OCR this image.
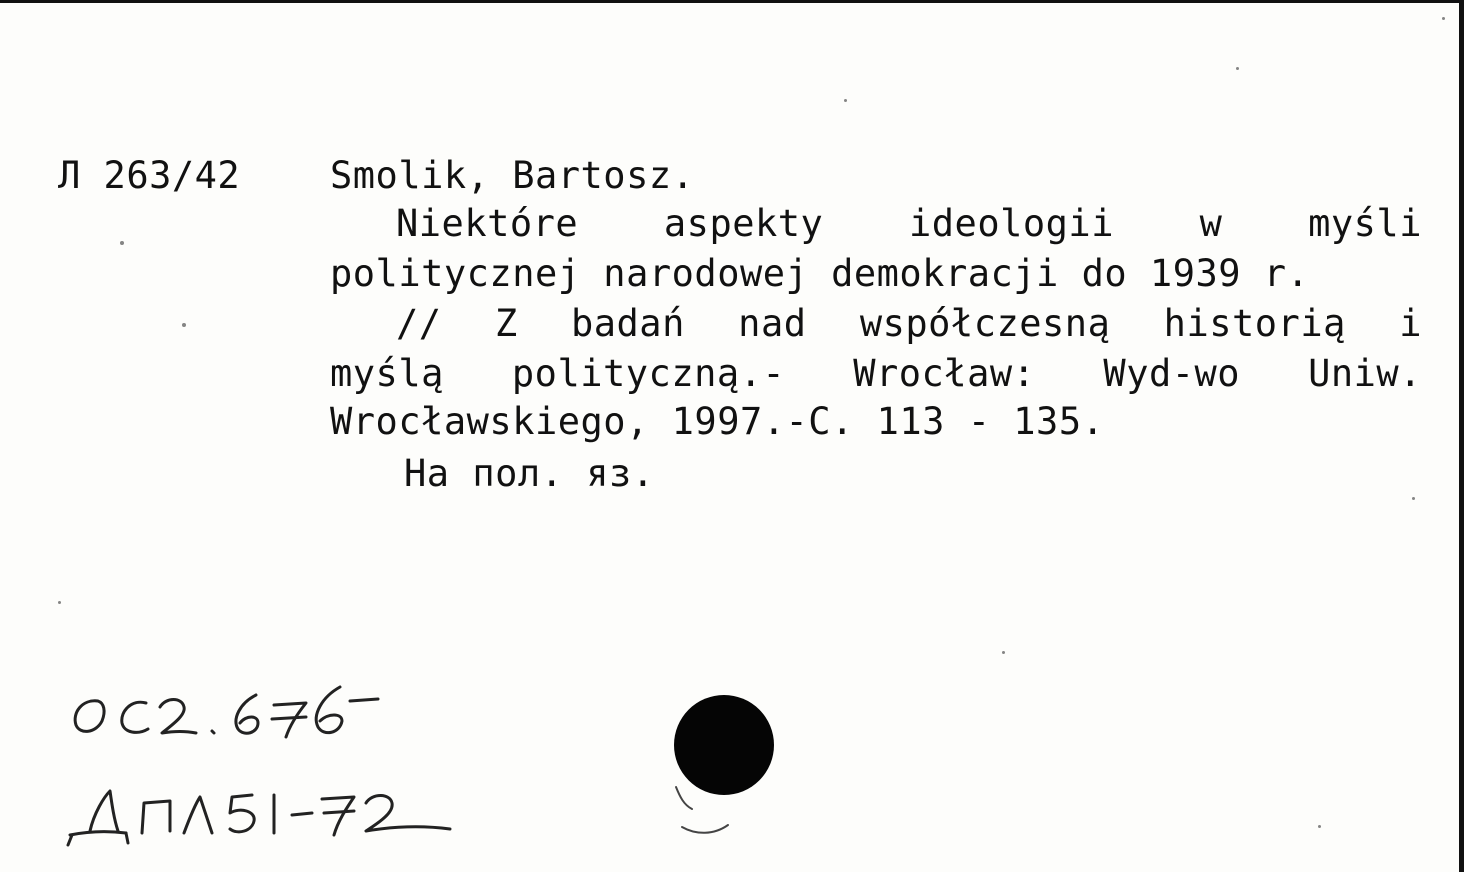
Л 263/42 Smolik, Bartosz.
Niektóre aspekty ideologii w myśli
politycznej narodowej demokracji do 1939 r.
// Z badań nad współczesną historią i
myślą polityczną.- Wrocław: Wyd-wo Uniw.
Wrocławskiego, 1997.-C. 113 - 135.
На пол. яз.
